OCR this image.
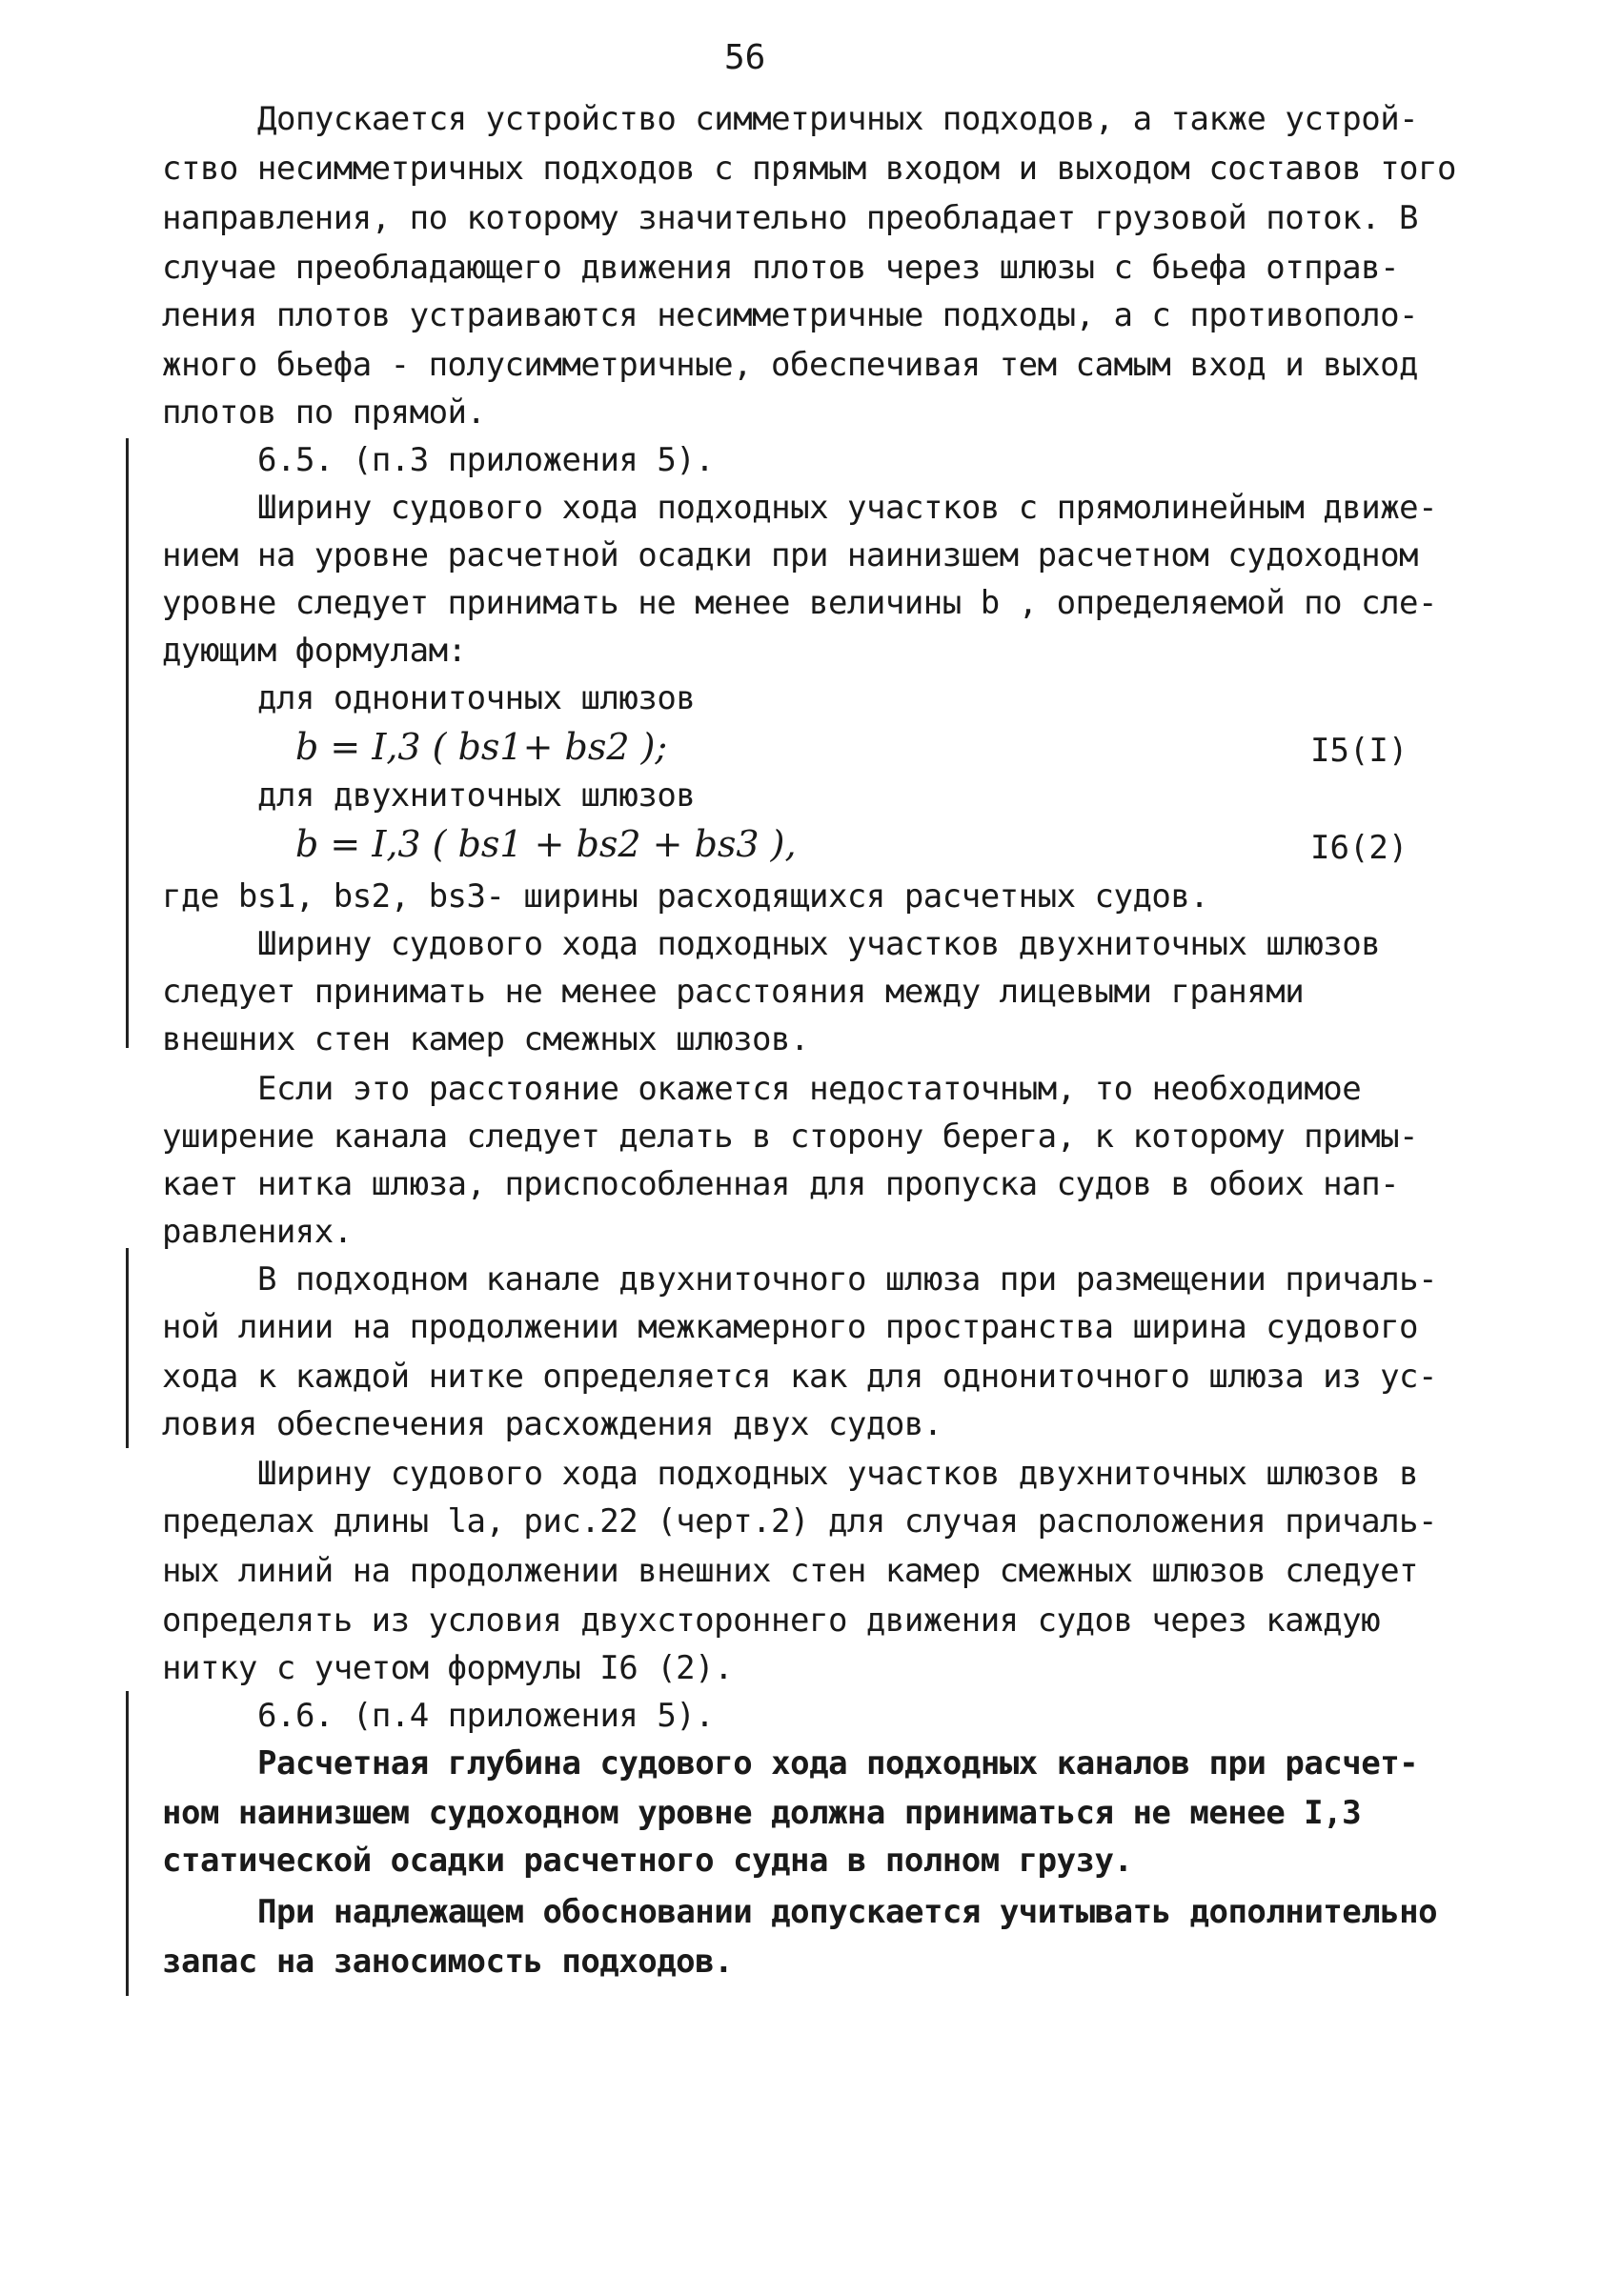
56
Допускается устройство симметричных подходов, а также устрой-
ство несимметричных подходов с прямым входом и выходом составов того
направления, по которому значительно преобладает грузовой поток. В
случае преобладающего движения плотов через шлюзы с бьефа отправ-
ления плотов устраиваются несимметричные подходы, а с противополо-
жного бьефа - полусимметричные, обеспечивая тем самым вход и выход
плотов по прямой.
6.5. (п.3 приложения 5).
Ширину судового хода подходных участков с прямолинейным движе-
нием на уровне расчетной осадки при наинизшем расчетном судоходном
уровне следует принимать не менее величины b , определяемой по сле-
дующим формулам:
для однониточных шлюзов
b = I,3 ( bs1+ bs2 );	I5(I)
для двухниточных шлюзов
b = I,3 ( bs1 + bs2 + bs3 ),	I6(2)
где bs1, bs2, bs3- ширины расходящихся расчетных судов.
Ширину судового хода подходных участков двухниточных шлюзов
следует принимать не менее расстояния между лицевыми гранями
внешних стен камер смежных шлюзов.
Если это расстояние окажется недостаточным, то необходимое
уширение канала следует делать в сторону берега, к которому примы-
кает нитка шлюза, приспособленная для пропуска судов в обоих нап-
равлениях.
В подходном канале двухниточного шлюза при размещении причаль-
ной линии на продолжении межкамерного пространства ширина судового
хода к каждой нитке определяется как для однониточного шлюза из ус-
ловия обеспечения расхождения двух судов.
Ширину судового хода подходных участков двухниточных шлюзов в
пределах длины la, рис.22 (черт.2) для случая расположения причаль-
ных линий на продолжении внешних стен камер смежных шлюзов следует
определять из условия двухстороннего движения судов через каждую
нитку с учетом формулы I6 (2).
6.6. (п.4 приложения 5).
Расчетная глубина судового хода подходных каналов при расчет-
ном наинизшем судоходном уровне должна приниматься не менее I,3
статической осадки расчетного судна в полном грузу.
При надлежащем обосновании допускается учитывать дополнительно
запас на заносимость подходов.
